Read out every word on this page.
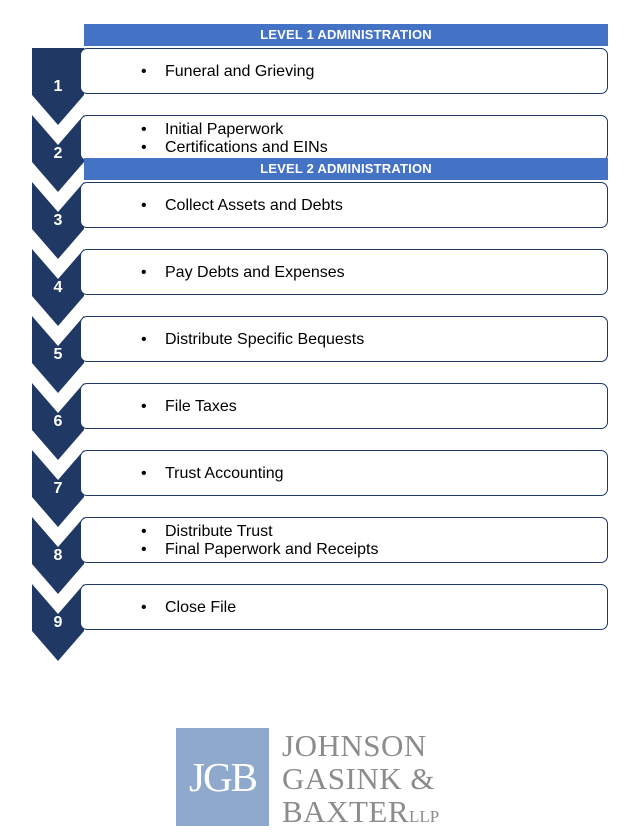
1
• Funeral and Grieving
2
• Initial Paperwork
• Certifications and EINs
3
• Collect Assets and Debts
4
• Pay Debts and Expenses
5
• Distribute Specific Bequests
6
• File Taxes
7
• Trust Accounting
8
• Distribute Trust
• Final Paperwork and Receipts
9
• Close File
LEVEL 1 ADMINISTRATION
LEVEL 2 ADMINISTRATION
JGB
JOHNSON
GASINK &
BAXTERLLP
